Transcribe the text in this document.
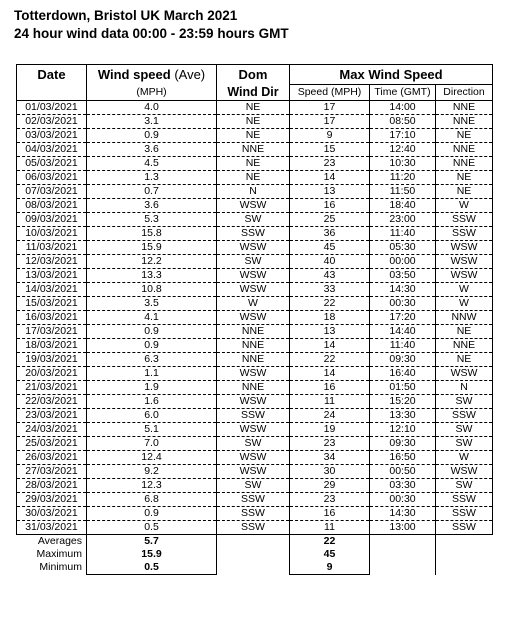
Totterdown, Bristol UK March 2021
24 hour wind data 00:00 - 23:59 hours GMT
Date	Wind speed (Ave)	Dom	Max Wind Speed		
	(MPH)	Wind Dir	Speed (MPH)	Time (GMT)	Direction
01/03/2021	4.0	NE	17	14:00	NNE
02/03/2021	3.1	NE	17	08:50	NNE
03/03/2021	0.9	NE	9	17:10	NE
04/03/2021	3.6	NNE	15	12:40	NNE
05/03/2021	4.5	NE	23	10:30	NNE
06/03/2021	1.3	NE	14	11:20	NE
07/03/2021	0.7	N	13	11:50	NE
08/03/2021	3.6	WSW	16	18:40	W
09/03/2021	5.3	SW	25	23:00	SSW
10/03/2021	15.8	SSW	36	11:40	SSW
11/03/2021	15.9	WSW	45	05:30	WSW
12/03/2021	12.2	SW	40	00:00	WSW
13/03/2021	13.3	WSW	43	03:50	WSW
14/03/2021	10.8	WSW	33	14:30	W
15/03/2021	3.5	W	22	00:30	W
16/03/2021	4.1	WSW	18	17:20	NNW
17/03/2021	0.9	NNE	13	14:40	NE
18/03/2021	0.9	NNE	14	11:40	NNE
19/03/2021	6.3	NNE	22	09:30	NE
20/03/2021	1.1	WSW	14	16:40	WSW
21/03/2021	1.9	NNE	16	01:50	N
22/03/2021	1.6	WSW	11	15:20	SW
23/03/2021	6.0	SSW	24	13:30	SSW
24/03/2021	5.1	WSW	19	12:10	SW
25/03/2021	7.0	SW	23	09:30	SW
26/03/2021	12.4	WSW	34	16:50	W
27/03/2021	9.2	WSW	30	00:50	WSW
28/03/2021	12.3	SW	29	03:30	SW
29/03/2021	6.8	SSW	23	00:30	SSW
30/03/2021	0.9	SSW	16	14:30	SSW
31/03/2021	0.5	SSW	11	13:00	SSW
Averages	5.7		22		
Maximum	15.9		45		
Minimum	0.5		9		
